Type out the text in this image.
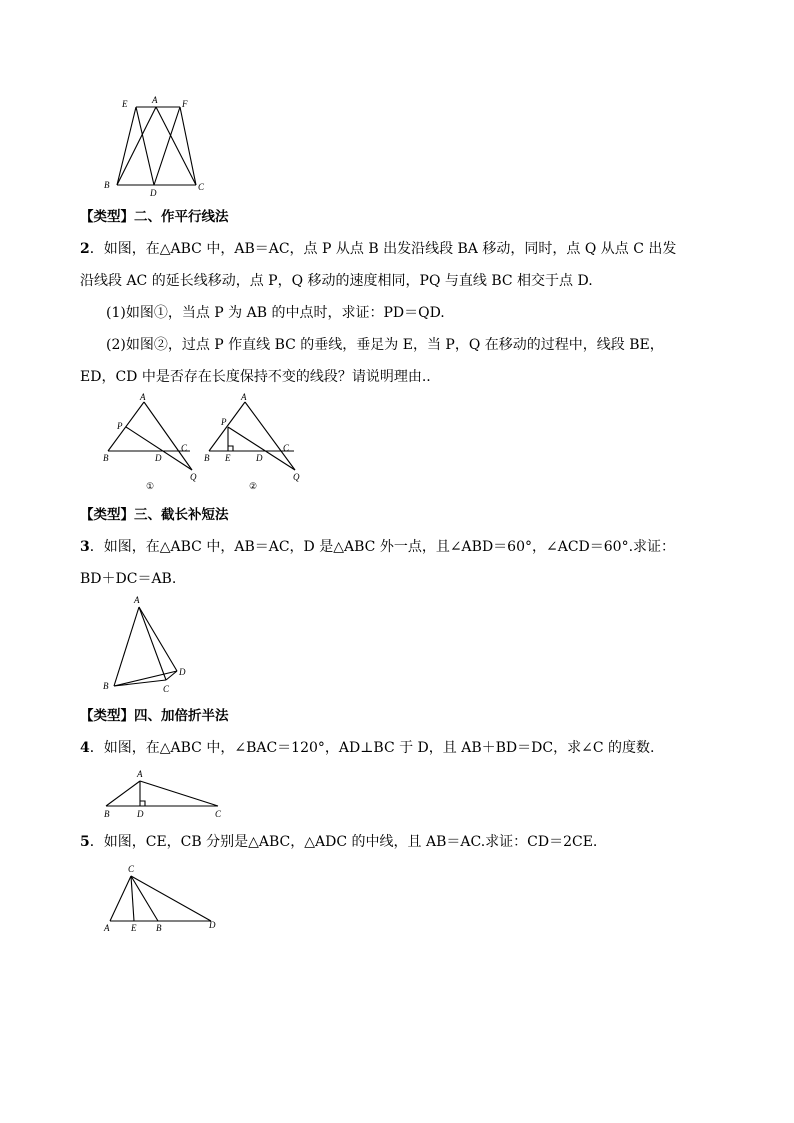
E	A	F
B
D
C
【类型】二、作平行线法
2．如图，在△ABC 中，AB＝AC，点 P 从点 B 出发沿线段 BA 移动，同时，点 Q 从点 C 出发
沿线段 AC 的延长线移动，点 P，Q 移动的速度相同，PQ 与直线 BC 相交于点 D.
(1)如图①，当点 P 为 AB 的中点时，求证：PD＝QD.
(2)如图②，过点 P 作直线 BC 的垂线，垂足为 E，当 P，Q 在移动的过程中，线段 BE，
ED，CD 中是否存在长度保持不变的线段？请说明理由..
A
P
B	D
C
Q
①
A
P
B E	D
C
Q
②
【类型】三、截长补短法
3．如图，在△ABC 中，AB＝AC，D 是△ABC 外一点，且∠ABD＝60°，∠ACD＝60°.求证：
BD＋DC＝AB.
A
B	C
D
【类型】四、加倍折半法
4．如图，在△ABC 中，∠BAC＝120°，AD⊥BC 于 D，且 AB＋BD＝DC，求∠C 的度数.
A
B	D	C
5．如图，CE，CB 分别是△ABC，△ADC 的中线，且 AB＝AC.求证：CD＝2CE.
C
A E B	D
